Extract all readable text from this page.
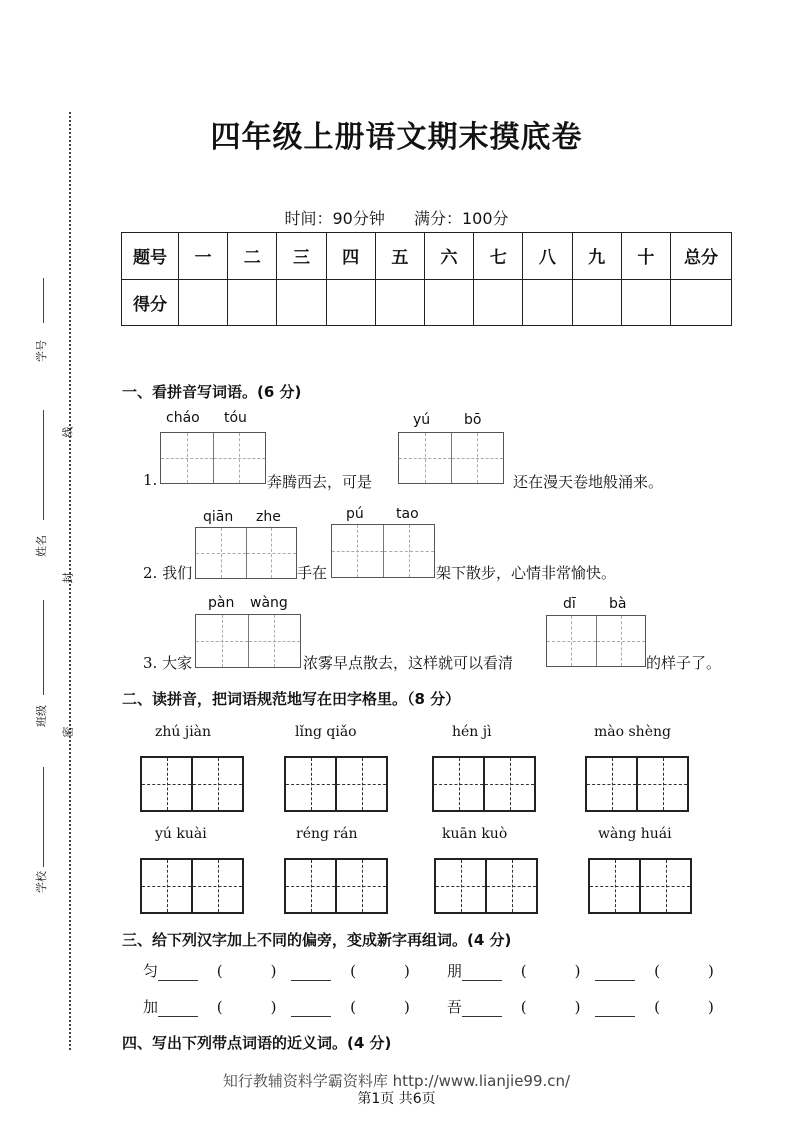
四年级上册语文期末摸底卷
时间：90分钟 满分：100分
题号	一	二	三	四	五	六	七	八	九	十	总分
得分											
学号
线
姓名
封
班级
密
学校
一、看拼音写词语。(6 分)
cháo tóu
1.	奔腾西去，可是
yú bō
还在漫天卷地般涌来。
qiān zhe
2. 我们	手在
pú tao
架下散步，心情非常愉快。
pàn wàng
3. 大家	浓雾早点散去，这样就可以看清
dī bà
的样子了。
二、读拼音，把词语规范地写在田字格里。（8 分）
zhú jiàn	lǐng qiǎo	hén jì	mào shèng
yú kuài	réng rán	kuān kuò	wàng huái
三、给下列汉字加上不同的偏旁，变成新字再组词。(4 分)
匀	(	)	(	) 朋	(	)	(	)
加	(	)	(	) 吾	(	)	(	)
四、写出下列带点词语的近义词。(4 分)
知行教辅资料学霸资料库 http://www.lianjie99.cn/
第1页 共6页
